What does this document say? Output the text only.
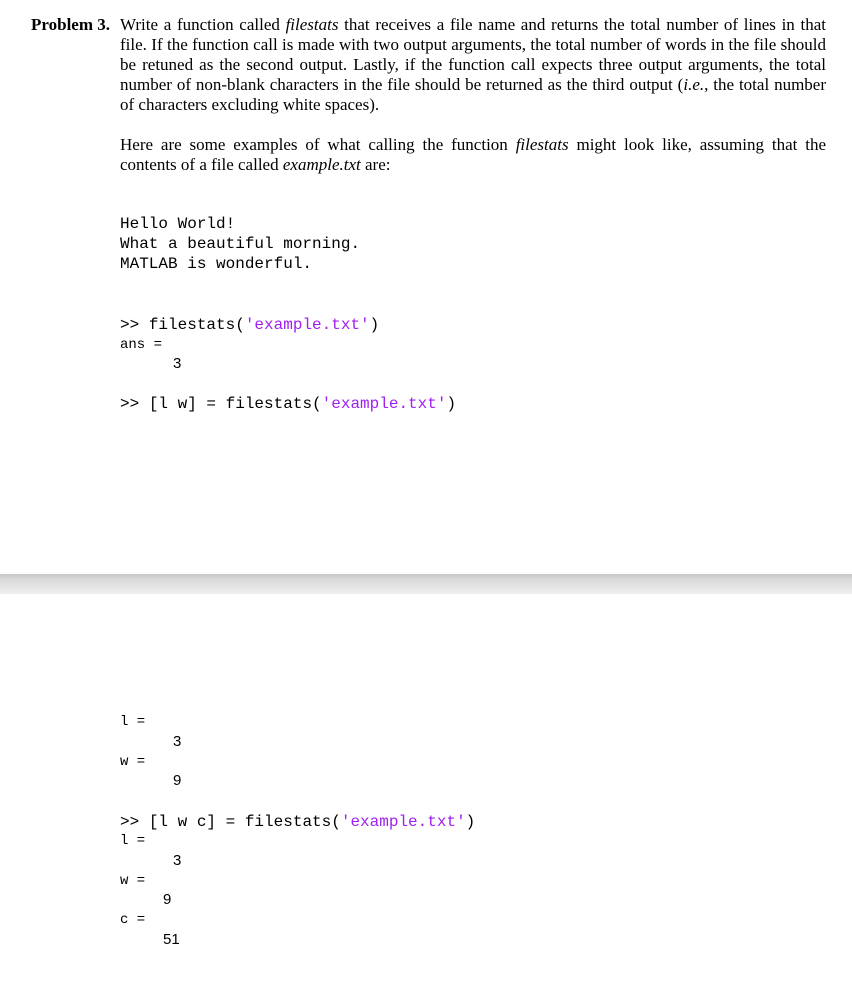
Problem 3. Write a function called filestats that receives a file name and returns the total number of lines in that file. If the function call is made with two output arguments, the total number of words in the file should be retuned as the second output. Lastly, if the function call expects three output arguments, the total number of non-blank characters in the file should be returned as the third output (i.e., the total number of characters excluding white spaces).

Here are some examples of what calling the function filestats might look like, assuming that the contents of a file called example.txt are:

Hello World!
What a beautiful morning.
MATLAB is wonderful.
>> filestats('example.txt')
ans =
3
>> [l w] = filestats('example.txt')
l =
3
w =
9
>> [l w c] = filestats('example.txt')
l =
3
w =
9
c =
51
